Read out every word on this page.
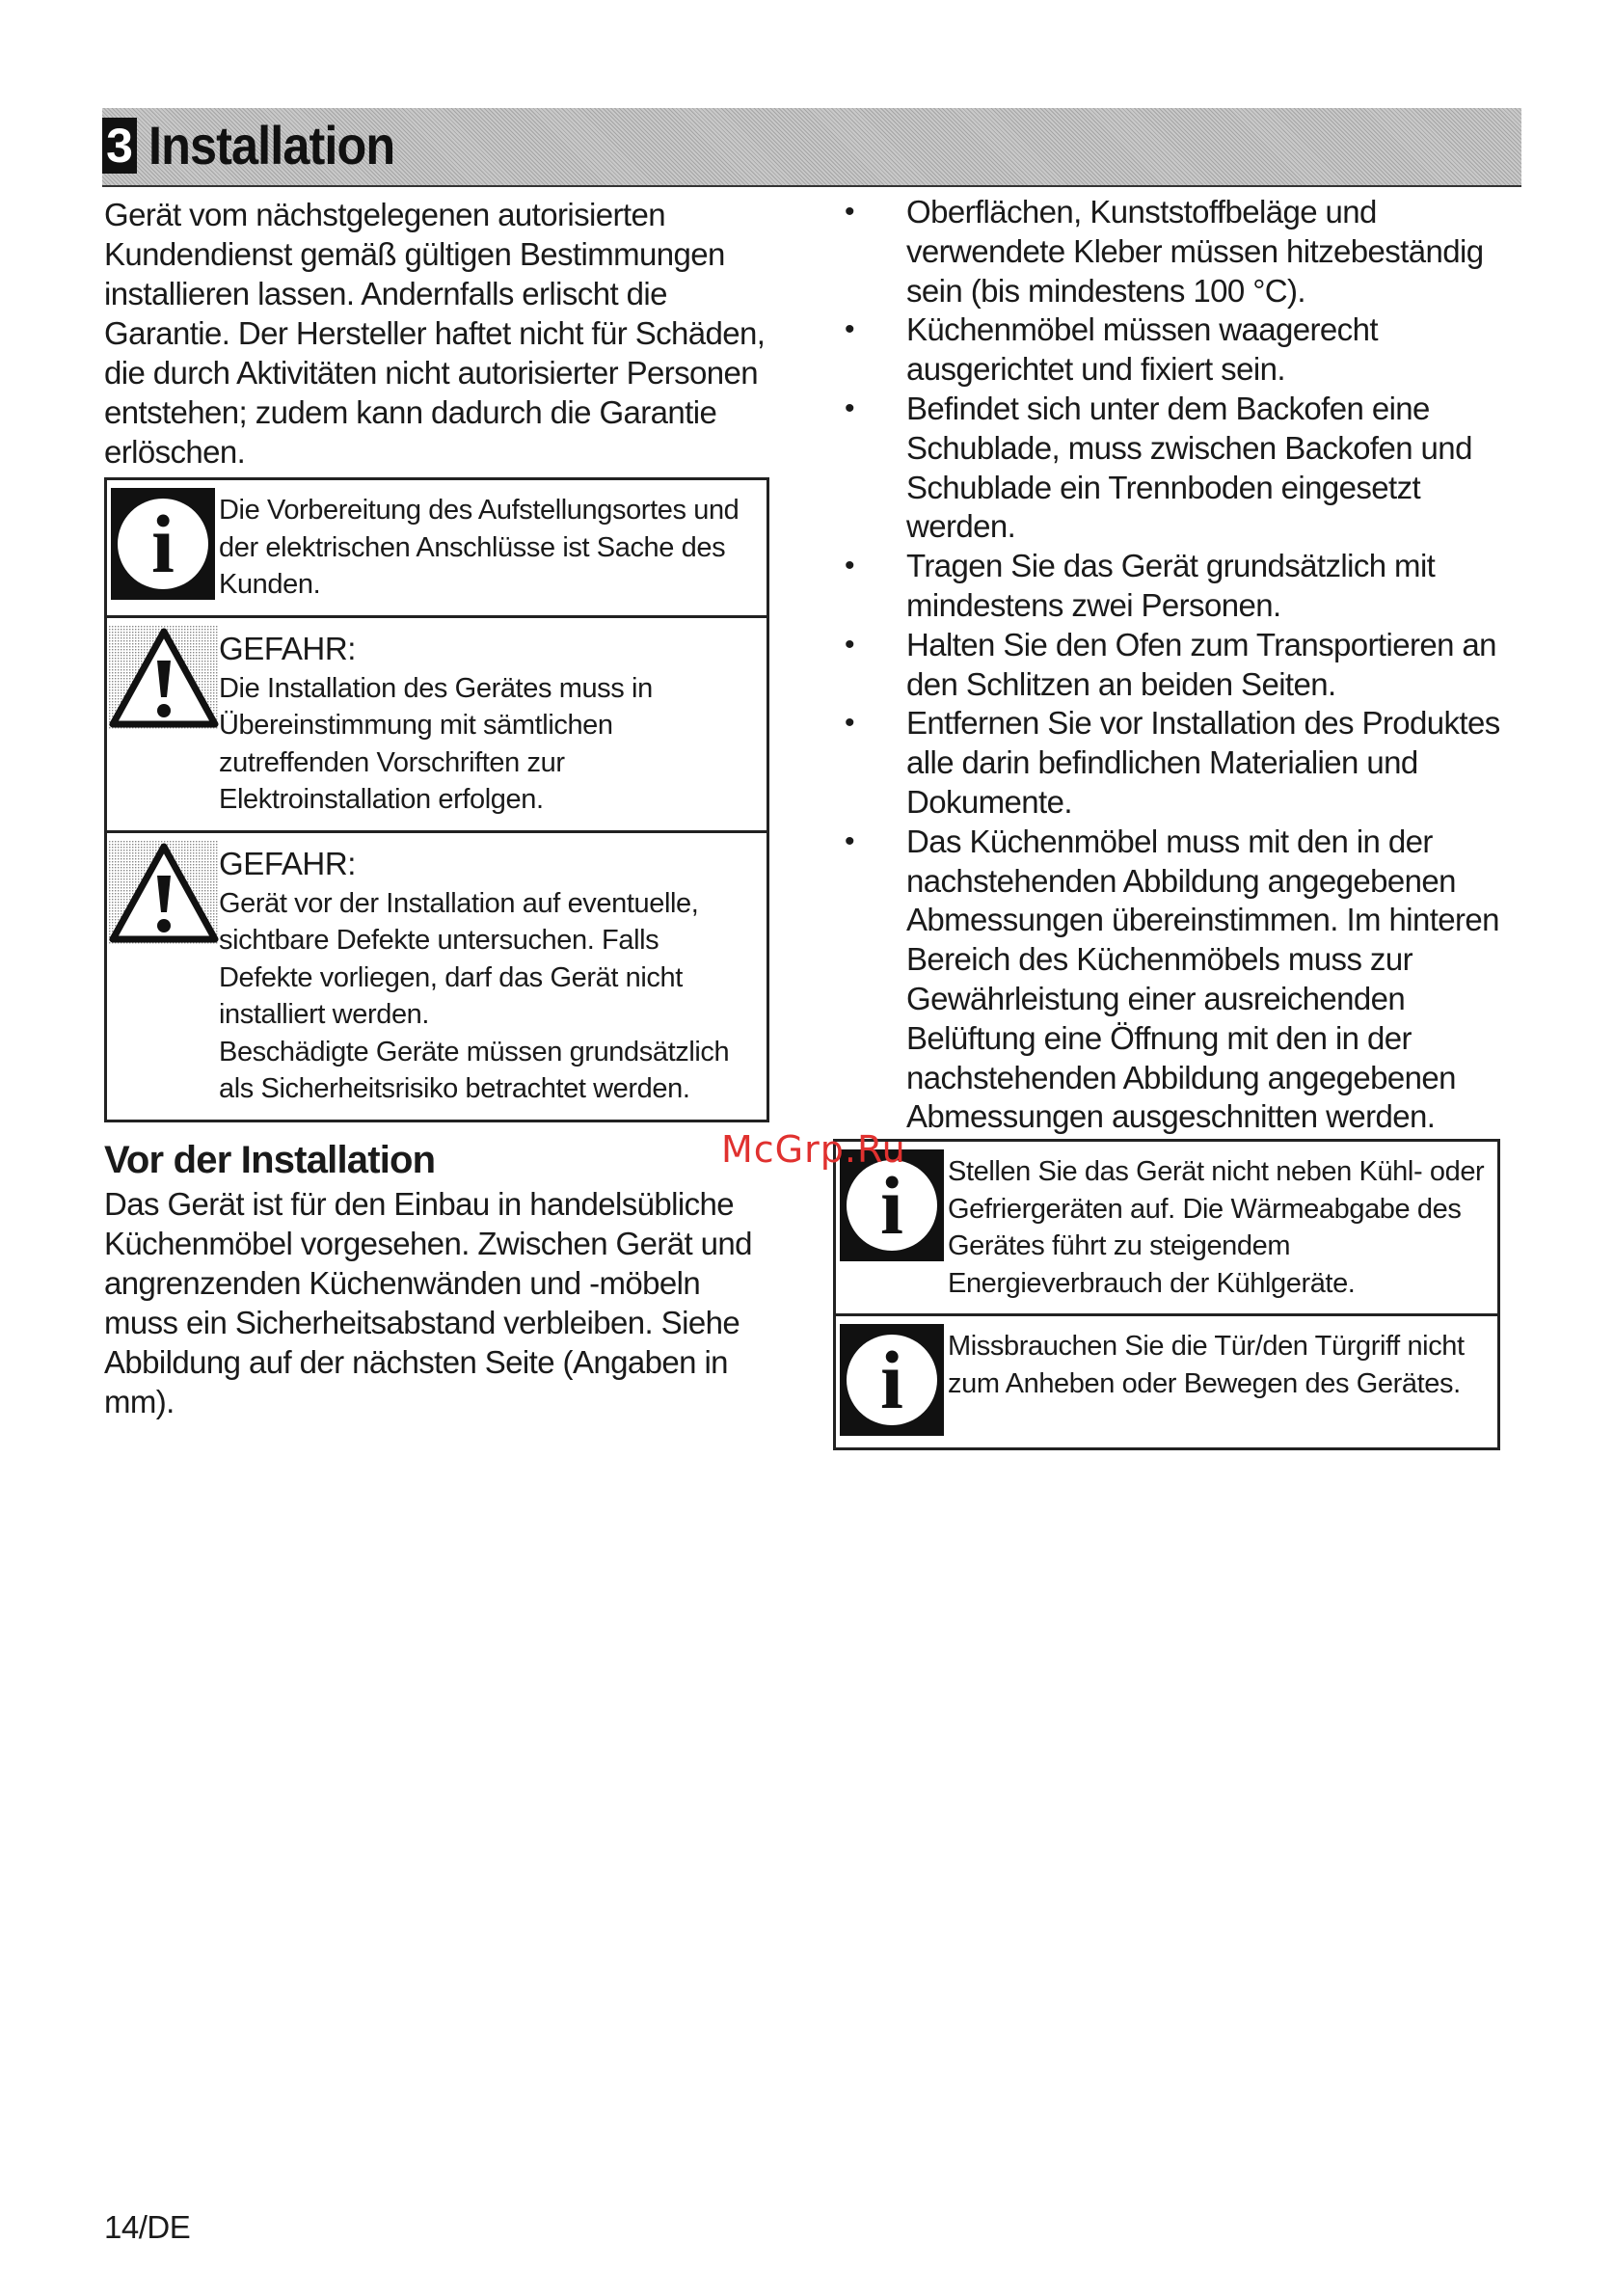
3 Installation

Gerät vom nächstgelegenen autorisierten Kundendienst gemäß gültigen Bestimmungen installieren lassen. Andernfalls erlischt die Garantie. Der Hersteller haftet nicht für Schäden, die durch Aktivitäten nicht autorisierter Personen entstehen; zudem kann dadurch die Garantie erlöschen.

i	Die Vorbereitung des Aufstellungsortes und der elektrischen Anschlüsse ist Sache des Kunden.
GEFAHR:
Die Installation des Gerätes muss in Übereinstimmung mit sämtlichen zutreffenden Vorschriften zur Elektroinstallation erfolgen.
GEFAHR:
Gerät vor der Installation auf eventuelle, sichtbare Defekte untersuchen. Falls Defekte vorliegen, darf das Gerät nicht installiert werden.
Beschädigte Geräte müssen grundsätzlich als Sicherheitsrisiko betrachtet werden.
Vor der Installation

Das Gerät ist für den Einbau in handelsübliche Küchenmöbel vorgesehen. Zwischen Gerät und angrenzenden Küchenwänden und -möbeln muss ein Sicherheitsabstand verbleiben. Siehe Abbildung auf der nächsten Seite (Angaben in mm).

• Oberflächen, Kunststoffbeläge und verwendete Kleber müssen hitzebeständig sein (bis mindestens 100 °C).
• Küchenmöbel müssen waagerecht ausgerichtet und fixiert sein.
• Befindet sich unter dem Backofen eine Schublade, muss zwischen Backofen und Schublade ein Trennboden eingesetzt werden.
• Tragen Sie das Gerät grundsätzlich mit mindestens zwei Personen.
• Halten Sie den Ofen zum Transportieren an den Schlitzen an beiden Seiten.
• Entfernen Sie vor Installation des Produktes alle darin befindlichen Materialien und Dokumente.
• Das Küchenmöbel muss mit den in der nachstehenden Abbildung angegebenen Abmessungen übereinstimmen. Im hinteren Bereich des Küchenmöbels muss zur Gewährleistung einer ausreichenden Belüftung eine Öffnung mit den in der nachstehenden Abbildung angegebenen Abmessungen ausgeschnitten werden.
i	Stellen Sie das Gerät nicht neben Kühl- oder Gefriergeräten auf. Die Wärmeabgabe des Gerätes führt zu steigendem Energieverbrauch der Kühlgeräte.
i	Missbrauchen Sie die Tür/den Türgriff nicht zum Anheben oder Bewegen des Gerätes.
McGrp.Ru
14/DE
